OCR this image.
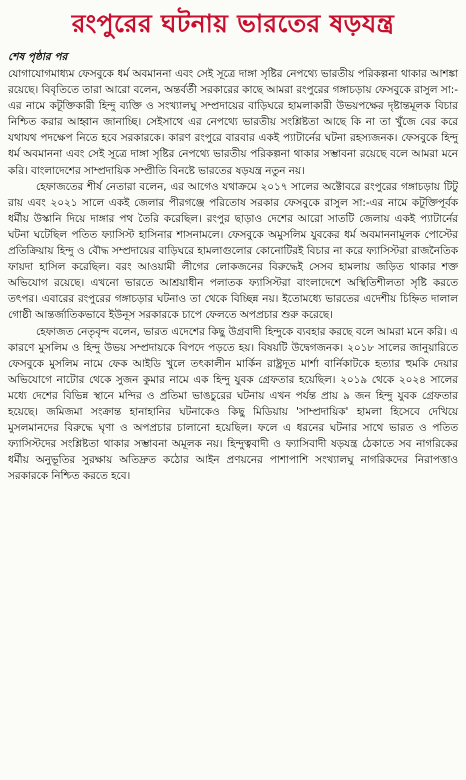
রংপুরের ঘটনায় ভারতের ষড়যন্ত্র
শেষ পৃষ্ঠার পর

যোগাযোগমাধ্যম ফেসবুকে ধর্ম অবমাননা এবং সেই সূত্রে দাঙ্গা সৃষ্টির নেপথ্যে ভারতীয় পরিকল্পনা থাকার আশঙ্কা রয়েছে। বিবৃতিতে তারা আরো বলেন, অন্তর্বর্তী সরকারের কাছে আমরা রংপুরের গঙ্গাচড়ায় ফেসবুকে রাসুল সা:-এর নামে কটূক্তিকারী হিন্দু ব্যক্তি ও সংখ্যালঘু সম্প্রদায়ের বাড়িঘরে হামলাকারী উভয়পক্ষের দৃষ্টান্তমূলক বিচার নিশ্চিত করার আহ্বান জানাচ্ছি। সেইসাথে এর নেপথ্যে ভারতীয় সংশ্লিষ্টতা আছে কি না তা খুঁজে বের করে যথাযথ পদক্ষেপ নিতে হবে সরকারকে। কারণ রংপুরে বারবার একই প্যাটার্নের ঘটনা রহস্যজনক। ফেসবুকে হিন্দু ধর্ম অবমাননা এবং সেই সূত্রে দাঙ্গা সৃষ্টির নেপথ্যে ভারতীয় পরিকল্পনা থাকার সম্ভাবনা রয়েছে বলে আমরা মনে করি। বাংলাদেশের সাম্প্রদায়িক সম্প্রীতি বিনষ্টে ভারতের ষড়যন্ত্র নতুন নয়।

হেফাজতের শীর্ষ নেতারা বলেন, এর আগেও যথাক্রমে ২০১৭ সালের অক্টোবরে রংপুরের গঙ্গাচড়ায় টিটু রায় এবং ২০২১ সালে একই জেলার পীরগঞ্জে পরিতোষ সরকার ফেসবুকে রাসুল সা:-এর নামে কটূক্তিপূর্বক ধর্মীয় উস্কানি দিয়ে দাঙ্গার পথ তৈরি করেছিল। রংপুর ছাড়াও দেশের আরো সাতটি জেলায় একই প্যাটার্নের ঘটনা ঘটেছিল পতিত ফ্যাসিস্ট হাসিনার শাসনামলে। ফেসবুকে অমুসলিম যুবকের ধর্ম অবমাননামূলক পোস্টের প্রতিক্রিয়ায় হিন্দু ও বৌদ্ধ সম্প্রদায়ের বাড়িঘরে হামলাগুলোর কোনোটিরই বিচার না করে ফ্যাসিস্টরা রাজনৈতিক ফায়দা হাসিল করেছিল। বরং আওয়ামী লীগের লোকজনের বিরুদ্ধেই সেসব হামলায় জড়িত থাকার শক্ত অভিযোগ রয়েছে। এখনো ভারতে আশ্রয়াধীন পলাতক ফ্যাসিস্টরা বাংলাদেশে অস্থিতিশীলতা সৃষ্টি করতে তৎপর। এবারের রংপুরের গঙ্গাচড়ার ঘটনাও তা থেকে বিচ্ছিন্ন নয়। ইতোমধ্যে ভারতের এদেশীয় চিহ্নিত দালাল গোষ্ঠী আন্তর্জাতিকভাবে ইউনূস সরকারকে চাপে ফেলতে অপপ্রচার শুরু করেছে।

হেফাজত নেতৃবৃন্দ বলেন, ভারত এদেশের কিছু উগ্রবাদী হিন্দুকে ব্যবহার করছে বলে আমরা মনে করি। এ কারণে মুসলিম ও হিন্দু উভয় সম্প্রদায়কে বিপদে পড়তে হয়। বিষয়টি উদ্বেগজনক। ২০১৮ সালের জানুয়ারিতে ফেসবুকে মুসলিম নামে ফেক আইডি খুলে তৎকালীন মার্কিন রাষ্ট্রদূত মার্শা বার্নিকাটকে হত্যার হুমকি দেয়ার অভিযোগে নাটোর থেকে সুজন কুমার নামে এক হিন্দু যুবক গ্রেফতার হয়েছিল। ২০১৯ থেকে ২০২৪ সালের মধ্যে দেশের বিভিন্ন স্থানে মন্দির ও প্রতিমা ভাঙচুরের ঘটনায় এখন পর্যন্ত প্রায় ৯ জন হিন্দু যুবক গ্রেফতার হয়েছে। জমিজমা সংক্রান্ত হানাহানির ঘটনাকেও কিছু মিডিয়ায় 'সাম্প্রদায়িক' হামলা হিসেবে দেখিয়ে মুসলমানদের বিরুদ্ধে ঘৃণা ও অপপ্রচার চালানো হয়েছিল। ফলে এ ধরনের ঘটনার সাথে ভারত ও পতিত ফ্যাসিস্টদের সংশ্লিষ্টতা থাকার সম্ভাবনা অমূলক নয়। হিন্দুত্ববাদী ও ফ্যাসিবাদী ষড়যন্ত্র ঠেকাতে সব নাগরিকের ধর্মীয় অনুভূতির সুরক্ষায় অতিদ্রুত কঠোর আইন প্রণয়নের পাশাপাশি সংখ্যালঘু নাগরিকদের নিরাপত্তাও সরকারকে নিশ্চিত করতে হবে।
